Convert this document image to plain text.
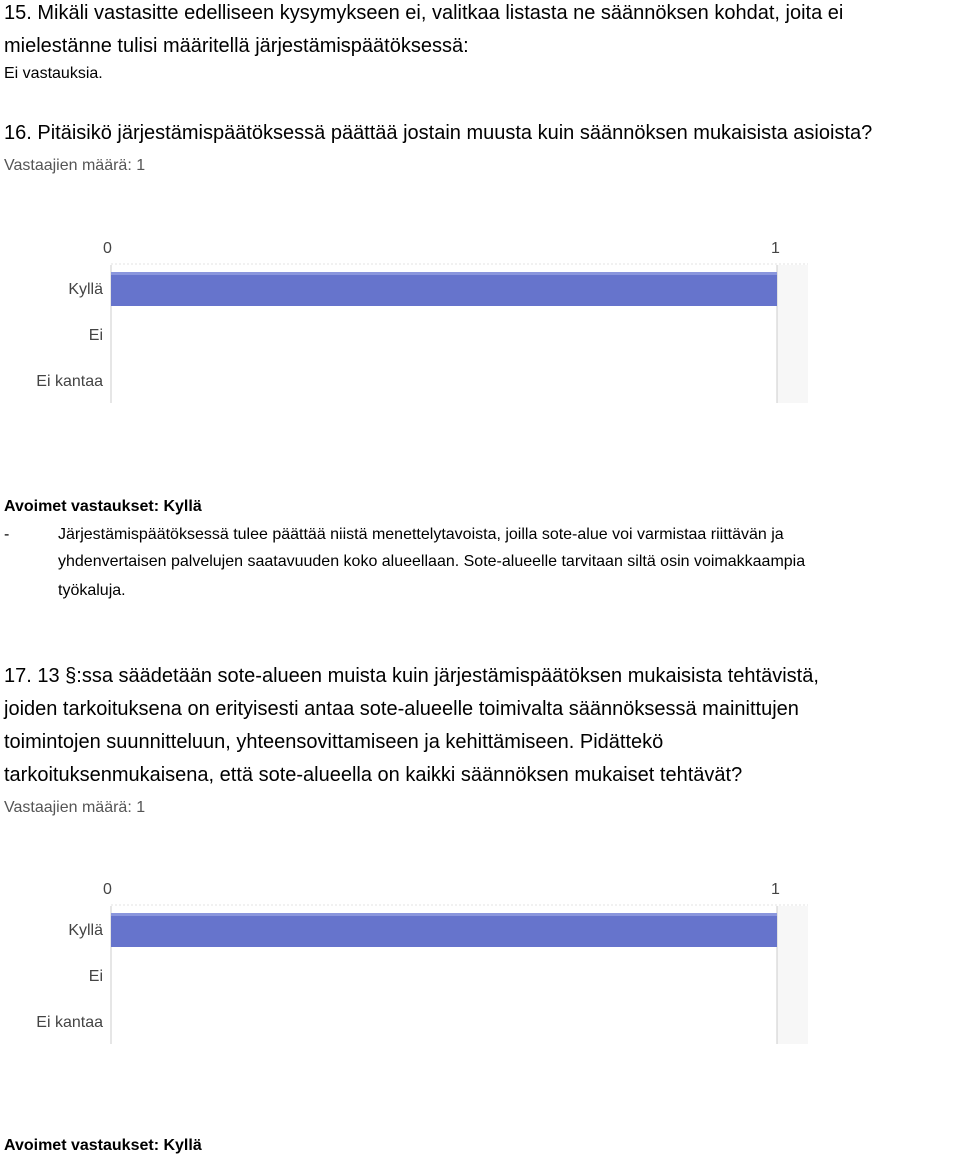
15. Mikäli vastasitte edelliseen kysymykseen ei, valitkaa listasta ne säännöksen kohdat, joita ei
mielestänne tulisi määritellä järjestämispäätöksessä:
Ei vastauksia.
16. Pitäisikö järjestämispäätöksessä päättää jostain muusta kuin säännöksen mukaisista asioista?
Vastaajien määrä: 1
0	1
Kyllä
Ei
Ei kantaa
Avoimet vastaukset: Kyllä
-	Järjestämispäätöksessä tulee päättää niistä menettelytavoista, joilla sote-alue voi varmistaa riittävän ja
yhdenvertaisen palvelujen saatavuuden koko alueellaan. Sote-alueelle tarvitaan siltä osin voimakkaampia
työkaluja.
17. 13 §:ssa säädetään sote-alueen muista kuin järjestämispäätöksen mukaisista tehtävistä,
joiden tarkoituksena on erityisesti antaa sote-alueelle toimivalta säännöksessä mainittujen
toimintojen suunnitteluun, yhteensovittamiseen ja kehittämiseen. Pidättekö
tarkoituksenmukaisena, että sote-alueella on kaikki säännöksen mukaiset tehtävät?
Vastaajien määrä: 1
0	1
Kyllä
Ei
Ei kantaa
Avoimet vastaukset: Kyllä
